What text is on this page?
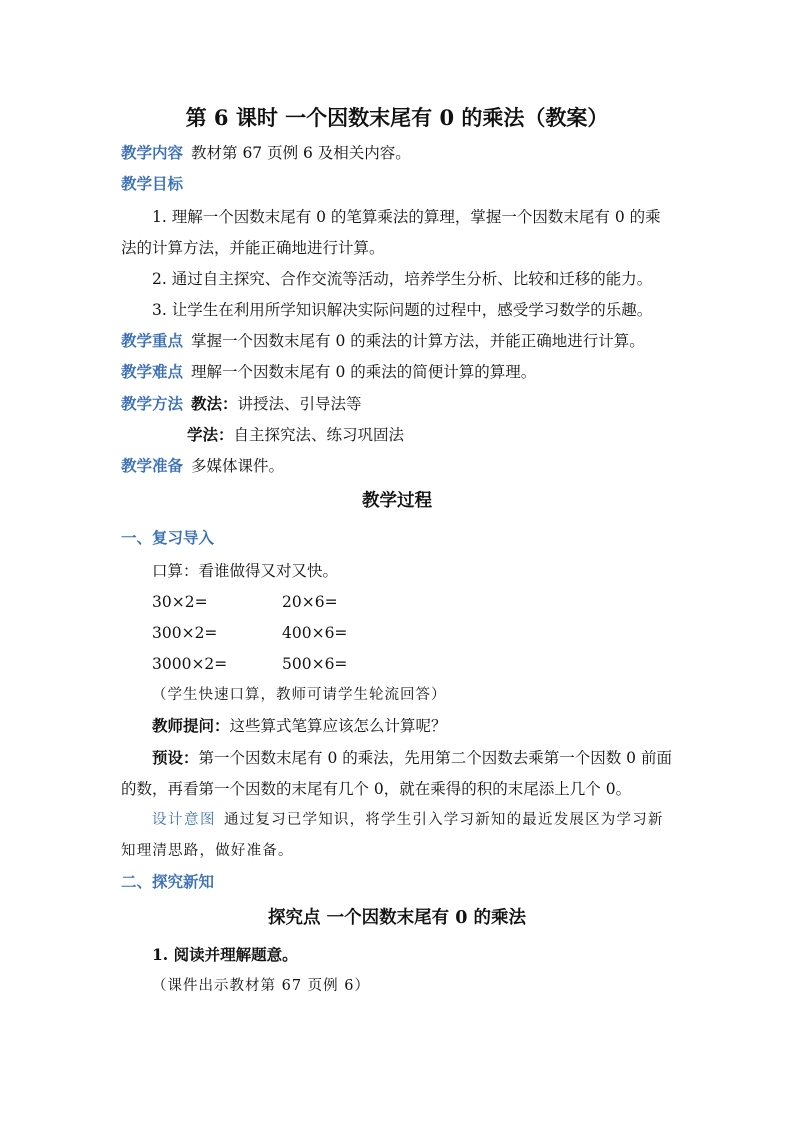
第 6 课时 一个因数末尾有 0 的乘法（教案）
教学内容 教材第 67 页例 6 及相关内容。
教学目标
1. 理解一个因数末尾有 0 的笔算乘法的算理，掌握一个因数末尾有 0 的乘
法的计算方法，并能正确地进行计算。
2. 通过自主探究、合作交流等活动，培养学生分析、比较和迁移的能力。
3. 让学生在利用所学知识解决实际问题的过程中，感受学习数学的乐趣。
教学重点 掌握一个因数末尾有 0 的乘法的计算方法，并能正确地进行计算。
教学难点 理解一个因数末尾有 0 的乘法的简便计算的算理。
教学方法 教法：讲授法、引导法等
学法：自主探究法、练习巩固法
教学准备 多媒体课件。
教学过程
一、复习导入
口算：看谁做得又对又快。
30×2=	20×6=
300×2=	400×6=
3000×2=	500×6=
（学生快速口算，教师可请学生轮流回答）
教师提问：这些算式笔算应该怎么计算呢？
预设：第一个因数末尾有 0 的乘法，先用第二个因数去乘第一个因数 0 前面
的数，再看第一个因数的末尾有几个 0，就在乘得的积的末尾添上几个 0。
设计意图 通过复习已学知识，将学生引入学习新知的最近发展区为学习新
知理清思路，做好准备。
二、探究新知
探究点 一个因数末尾有 0 的乘法
1. 阅读并理解题意。
（课件出示教材第 67 页例 6）
